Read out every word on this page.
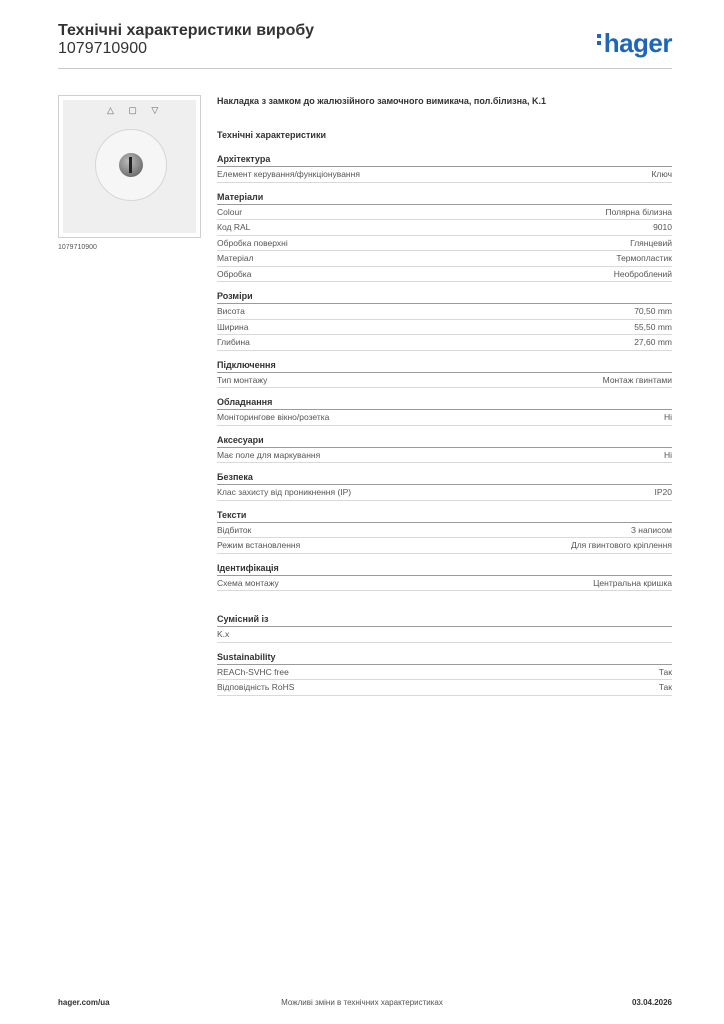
Технічні характеристики виробу
1079710900	hager
△ ▢ ▽
1079710900
Накладка з замком до жалюзійного замочного вимикача, пол.білизна, K.1
Технічні характеристики
Архітектура
Елемент керування/функціонування	Ключ
Матеріали
Colour	Полярна білизна
Код RAL	9010
Обробка поверхні	Глянцевий
Матеріал	Термопластик
Обробка	Необроблений
Розміри
Висота	70,50 mm
Ширина	55,50 mm
Глибина	27,60 mm
Підключення
Тип монтажу	Монтаж гвинтами
Обладнання
Моніторингове вікно/розетка	Ні
Аксесуари
Має поле для маркування	Ні
Безпека
Клас захисту від проникнення (IP)	IP20
Тексти
Відбиток	З написом
Режим встановлення	Для гвинтового кріплення
Ідентифікація
Схема монтажу	Центральна кришка
Сумісний із
K.x
Sustainability
REACh-SVHC free	Так
Відповідність RoHS	Так
hager.com/ua	Можливі зміни в технічних характеристиках	03.04.2026
